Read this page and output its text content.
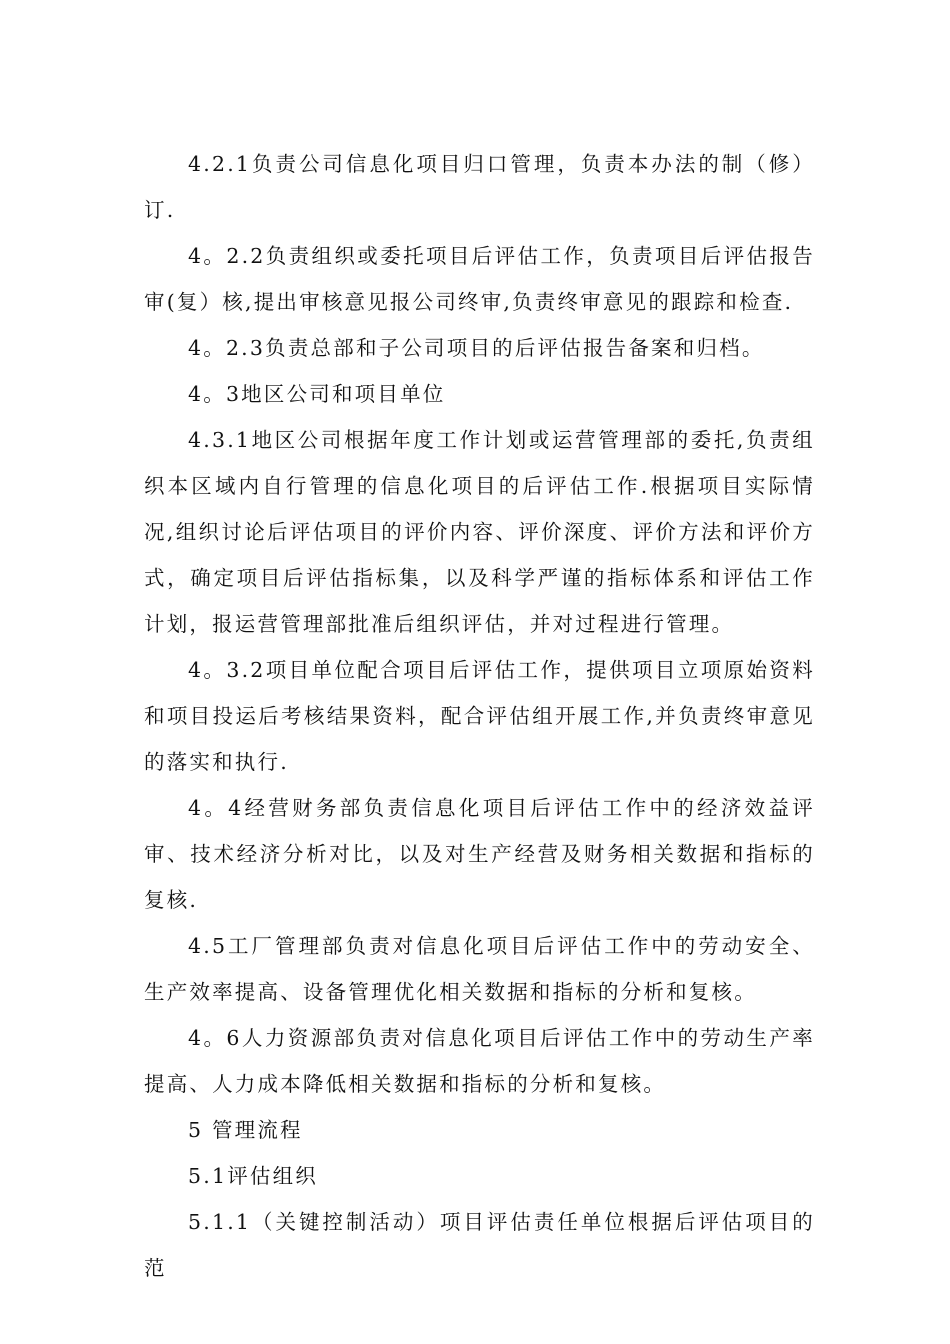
4.2.1负责公司信息化项目归口管理，负责本办法的制（修）订.

4。2.2负责组织或委托项目后评估工作，负责项目后评估报告审(复）核,提出审核意见报公司终审,负责终审意见的跟踪和检查.

4。2.3负责总部和子公司项目的后评估报告备案和归档。

4。3地区公司和项目单位

4.3.1地区公司根据年度工作计划或运营管理部的委托,负责组织本区域内自行管理的信息化项目的后评估工作.根据项目实际情况,组织讨论后评估项目的评价内容、评价深度、评价方法和评价方式，确定项目后评估指标集，以及科学严谨的指标体系和评估工作计划，报运营管理部批准后组织评估，并对过程进行管理。

4。3.2项目单位配合项目后评估工作，提供项目立项原始资料和项目投运后考核结果资料，配合评估组开展工作,并负责终审意见的落实和执行.

4。4经营财务部负责信息化项目后评估工作中的经济效益评审、技术经济分析对比，以及对生产经营及财务相关数据和指标的复核.

4.5工厂管理部负责对信息化项目后评估工作中的劳动安全、生产效率提高、设备管理优化相关数据和指标的分析和复核。

4。6人力资源部负责对信息化项目后评估工作中的劳动生产率提高、人力成本降低相关数据和指标的分析和复核。

5 管理流程

5.1评估组织

5.1.1（关键控制活动）项目评估责任单位根据后评估项目的范
